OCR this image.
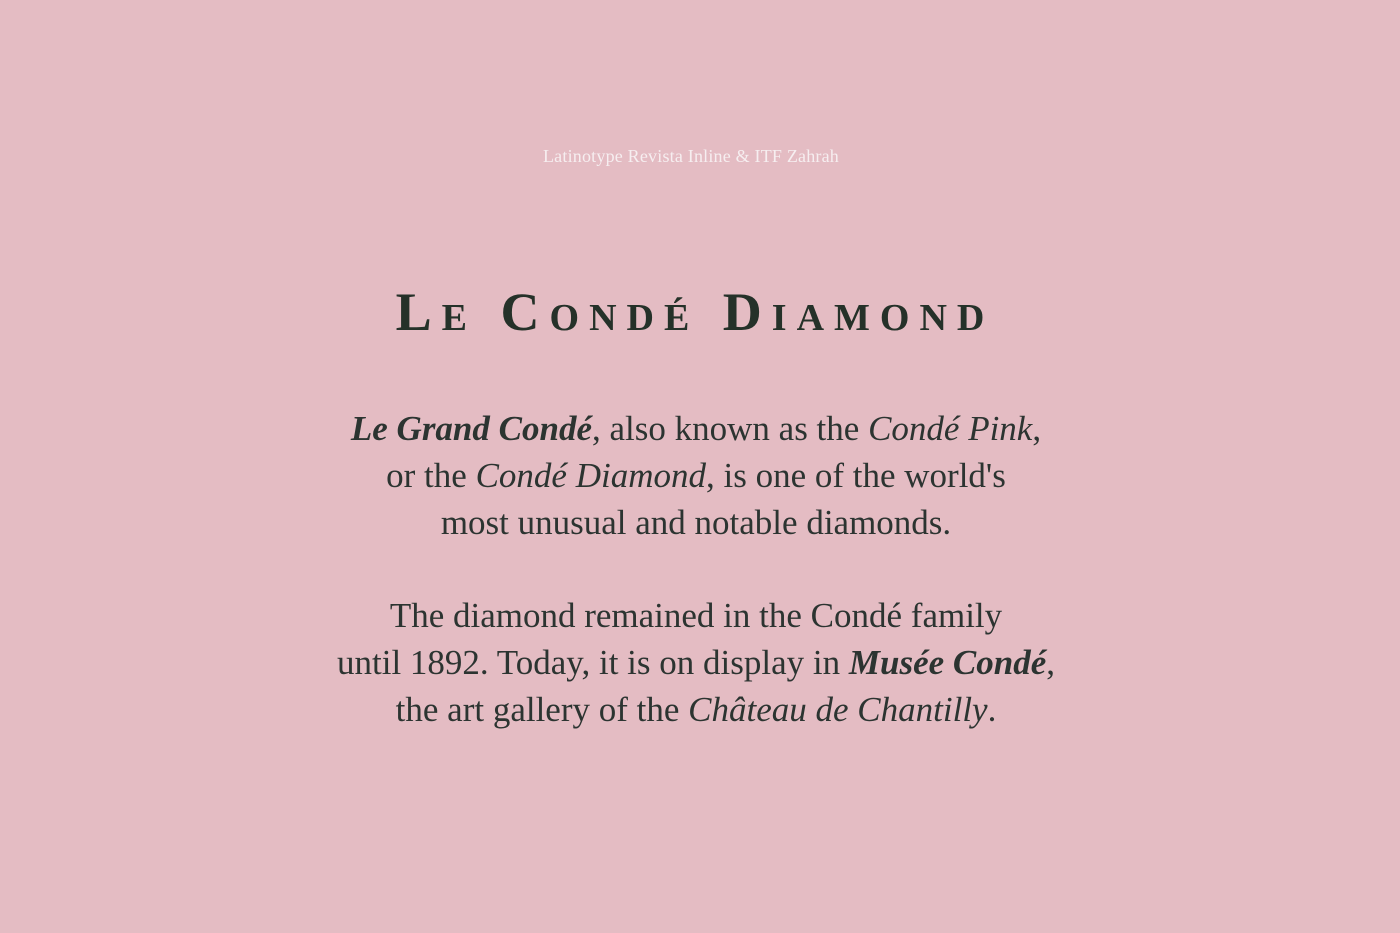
Latinotype Revista Inline & ITF Zahrah
Le Condé Diamond

Le Grand Condé, also known as the Condé Pink,
or the Condé Diamond, is one of the world's
most unusual and notable diamonds.

The diamond remained in the Condé family
until 1892. Today, it is on display in Musée Condé,
the art gallery of the Château de Chantilly.
